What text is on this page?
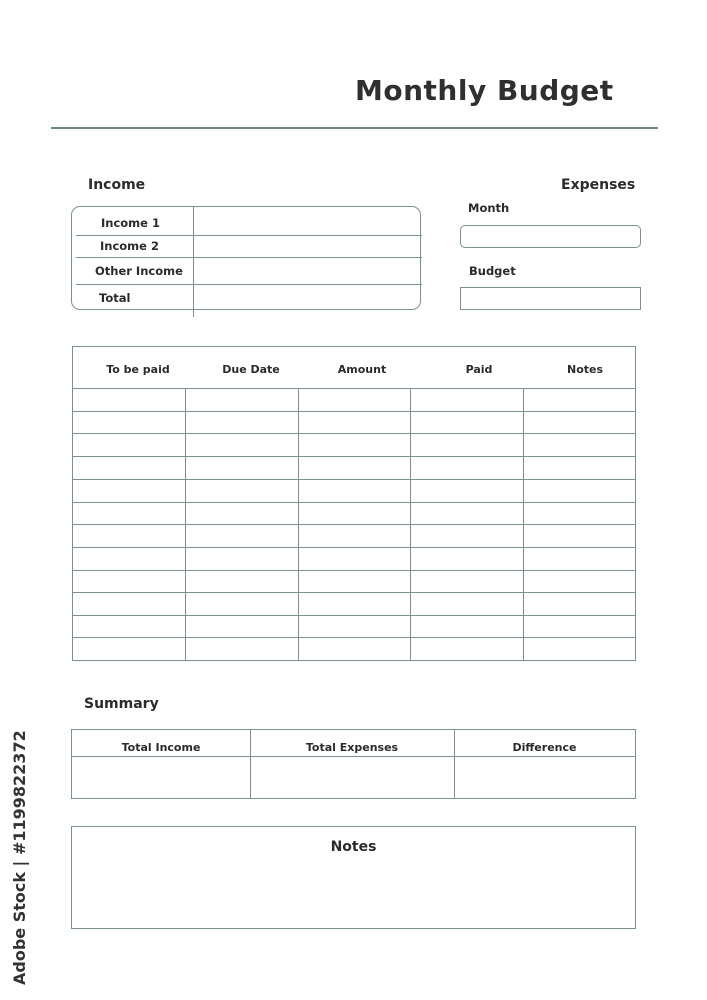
Monthly Budget
Income
Income 1
Income 2
Other Income
Total
Expenses
Month
Budget
To be paid	Due Date	Amount	Paid	Notes
Summary
Total Income	Total Expenses	Difference
Notes
Adobe Stock | #1199822372
